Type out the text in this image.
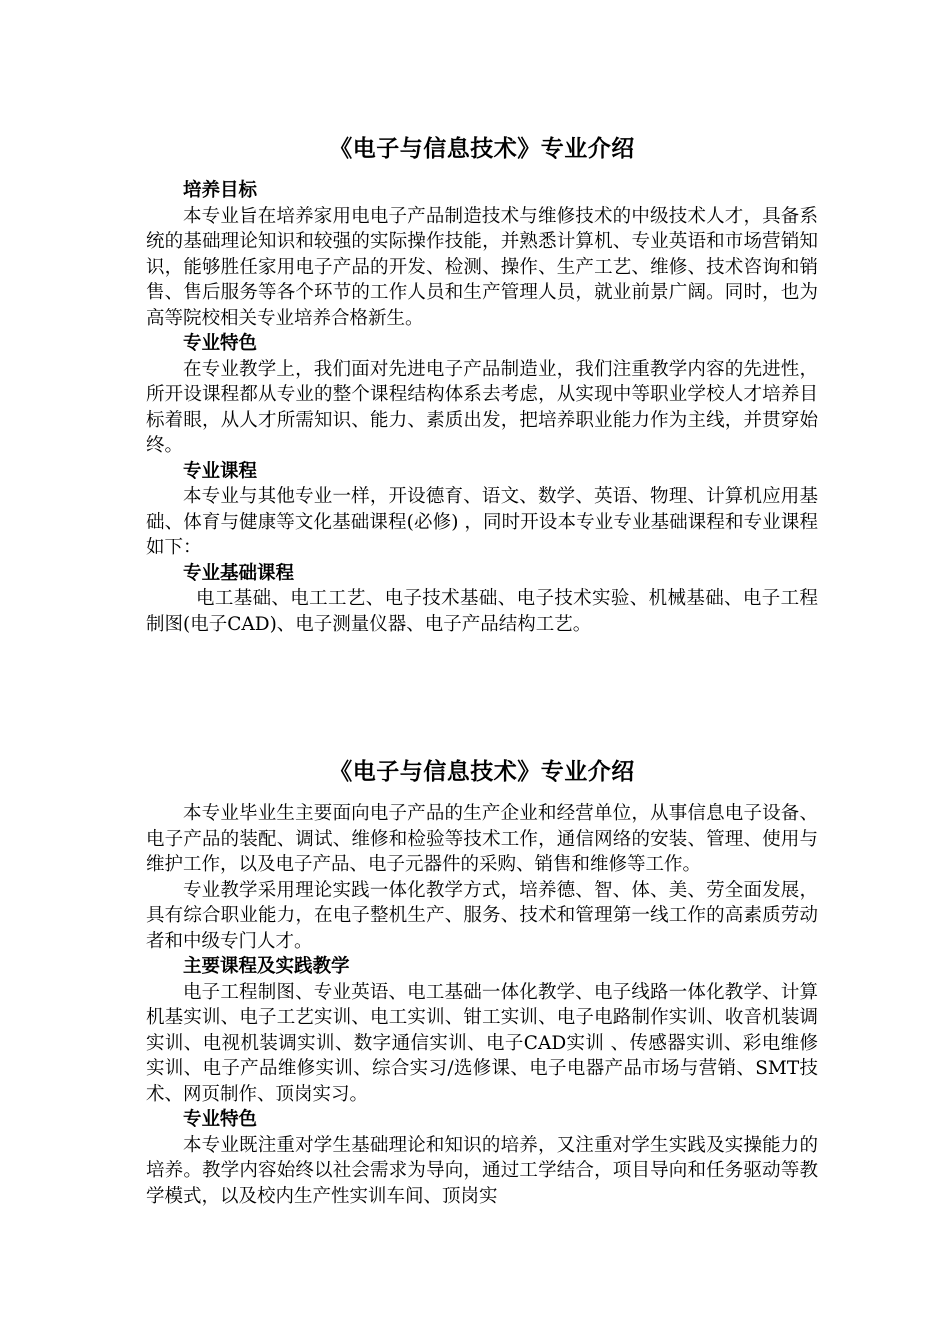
《电子与信息技术》专业介绍
培养目标

本专业旨在培养家用电电子产品制造技术与维修技术的中级技术人才，具备系统的基础理论知识和较强的实际操作技能，并熟悉计算机、专业英语和市场营销知识，能够胜任家用电子产品的开发、检测、操作、生产工艺、维修、技术咨询和销售、售后服务等各个环节的工作人员和生产管理人员，就业前景广阔。同时，也为高等院校相关专业培养合格新生。

专业特色

在专业教学上，我们面对先进电子产品制造业，我们注重教学内容的先进性，所开设课程都从专业的整个课程结构体系去考虑，从实现中等职业学校人才培养目标着眼，从人才所需知识、能力、素质出发，把培养职业能力作为主线，并贯穿始终。

专业课程

本专业与其他专业一样，开设德育、语文、数学、英语、物理、计算机应用基础、体育与健康等文化基础课程(必修) ，同时开设本专业专业基础课程和专业课程如下：

专业基础课程

电工基础、电工工艺、电子技术基础、电子技术实验、机械基础、电子工程制图(电子CAD)、电子测量仪器、电子产品结构工艺。

《电子与信息技术》专业介绍

本专业毕业生主要面向电子产品的生产企业和经营单位，从事信息电子设备、电子产品的装配、调试、维修和检验等技术工作，通信网络的安装、管理、使用与维护工作，以及电子产品、电子元器件的采购、销售和维修等工作。

专业教学采用理论实践一体化教学方式，培养德、智、体、美、劳全面发展，具有综合职业能力，在电子整机生产、服务、技术和管理第一线工作的高素质劳动者和中级专门人才。

主要课程及实践教学

电子工程制图、专业英语、电工基础一体化教学、电子线路一体化教学、计算机基实训、电子工艺实训、电工实训、钳工实训、电子电路制作实训、收音机装调实训、电视机装调实训、数字通信实训、电子CAD实训 、传感器实训、彩电维修实训、电子产品维修实训、综合实习/选修课、电子电器产品市场与营销、SMT技术、网页制作、顶岗实习。

专业特色

本专业既注重对学生基础理论和知识的培养，又注重对学生实践及实操能力的培养。教学内容始终以社会需求为导向，通过工学结合，项目导向和任务驱动等教学模式，以及校内生产性实训车间、顶岗实
